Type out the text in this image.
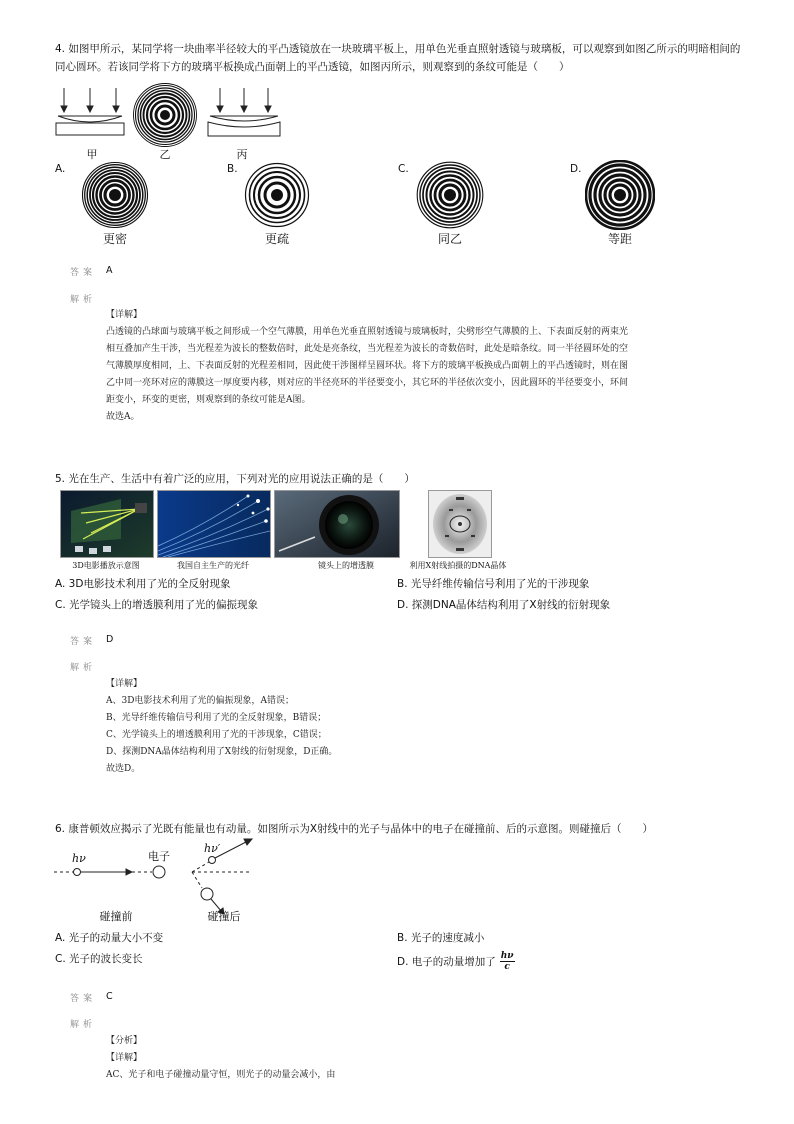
4. 如图甲所示，某同学将一块曲率半径较大的平凸透镜放在一块玻璃平板上，用单色光垂直照射透镜与玻璃板，可以观察到如图乙所示的明暗相间的
同心圆环。若该同学将下方的玻璃平板换成凸面朝上的平凸透镜，如图丙所示，则观察到的条纹可能是（　　）
甲	乙	丙
A.
更密
B.
更疏
C.
同乙
D.
等距
答案 A
解析
【详解】
凸透镜的凸球面与玻璃平板之间形成一个空气薄膜，用单色光垂直照射透镜与玻璃板时，尖劈形空气薄膜的上、下表面反射的两束光
相互叠加产生干涉，当光程差为波长的整数倍时，此处是亮条纹，当光程差为波长的奇数倍时，此处是暗条纹。同一半径圆环处的空
气薄膜厚度相同，上、下表面反射的光程差相同，因此使干涉图样呈圆环状。将下方的玻璃平板换成凸面朝上的平凸透镜时，则在图
乙中同一亮环对应的薄膜这一厚度要内移，则对应的半径亮环的半径要变小，其它环的半径依次变小，因此圆环的半径要变小，环间
距变小，环变的更密，则观察到的条纹可能是A图。
故选A。
5. 光在生产、生活中有着广泛的应用，下列对光的应用说法正确的是（　　）
3D电影播放示意图	我国自主生产的光纤	镜头上的增透膜	利用X射线拍摄的DNA晶体
A. 3D电影技术利用了光的全反射现象	B. 光导纤维传输信号利用了光的干涉现象
C. 光学镜头上的增透膜利用了光的偏振现象	D. 探测DNA晶体结构利用了X射线的衍射现象
答案 D
解析
【详解】
A、3D电影技术利用了光的偏振现象，A错误；
B、光导纤维传输信号利用了光的全反射现象，B错误；
C、光学镜头上的增透膜利用了光的干涉现象，C错误；
D、探测DNA晶体结构利用了X射线的衍射现象，D正确。
故选D。
6. 康普顿效应揭示了光既有能量也有动量。如图所示为X射线中的光子与晶体中的电子在碰撞前、后的示意图。则碰撞后（　　）
hν	电子
hν′
碰撞前	碰撞后
A. 光子的动量大小不变	B. 光子的速度减小
C. 光子的波长变长	D. 电子的动量增加了 $\frac{h\nu}{c}$
答案 C
解析
【分析】
【详解】
AC、光子和电子碰撞动量守恒，则光子的动量会减小，由
